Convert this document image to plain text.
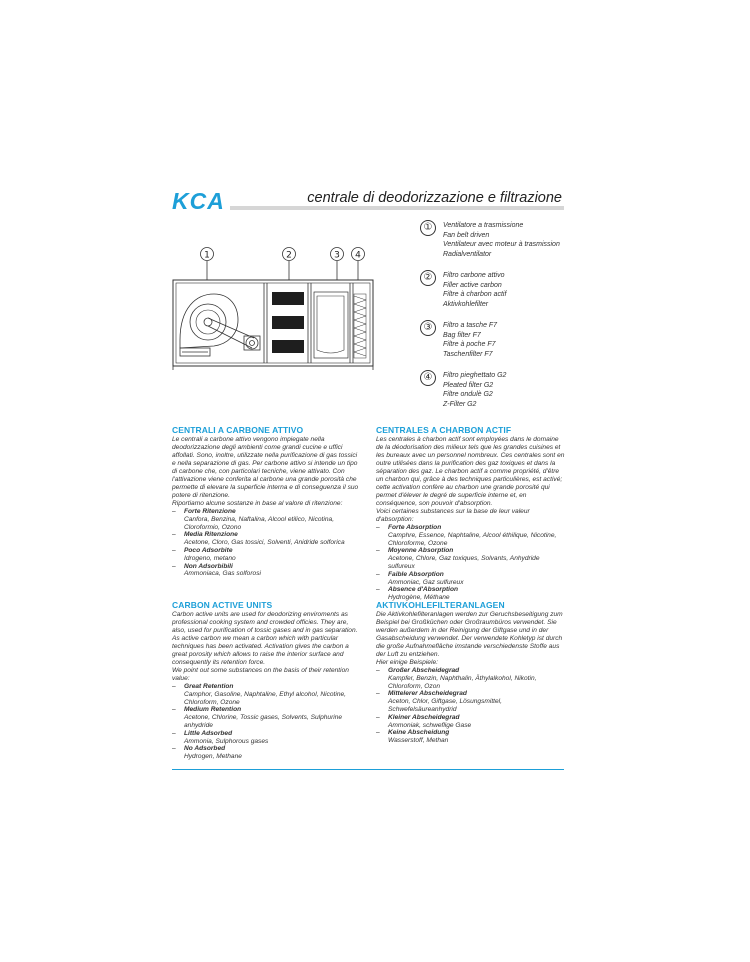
KCA	centrale di deodorizzazione e filtrazione
1	2	3 4
①	Ventilatore a trasmissione
Fan belt driven
Ventilateur avec moteur à trasmission
Radialventilator
②	Filtro carbone attivo
Filler active carbon
Filtre à charbon actif
Aktivkohlefilter
③	Filtro a tasche F7
Bag filter F7
Filtre à poche F7
Taschenfilter F7
④	Filtro pieghettato G2
Pleated filter G2
Filtre ondulè G2
Z-Filter G2
CENTRALI A CARBONE ATTIVO

Le centrali a carbone attivo vengono impiegate nella deodorizzazione degli ambienti come grandi cucine e uffici affollati. Sono, inoltre, utilizzate nella purificazione di gas tossici e nella separazione di gas. Per carbone attivo si intende un tipo di carbone che, con particolari tecniche, viene attivato. Con l'attivazione viene conferita al carbone una grande porosità che permette di elevare la superficie interna e di conseguenza il suo potere di ritenzione.

Riportiamo alcune sostanze in base al valore di ritenzione:

– Forte Ritenzione
Canfora, Benzina, Naftalina, Alcool etilico, Nicotina, Cloroformio, Ozono
– Media Ritenzione
Acetone, Cloro, Gas tossici, Solventi, Anidride solforica
– Poco Adsorbite
Idrogeno, metano
– Non Adsorbibili
Ammoniaca, Gas solforosi
CENTRALES A CHARBON ACTIF

Les centrales à charbon actif sont employées dans le domaine de la déodorisation des milieux tels que les grandes cuisines et les bureaux avec un personnel nombreux. Ces centrales sont en outre utilisées dans la purification des gaz toxiques et dans la séparation des gaz. Le charbon actif a comme propriété, d'être un charbon qui, grâce à des techniques particulières, est activé; cette activation confère au charbon une grande porosité qui permet d'élever le degré de superficie interne et, en conséquence, son pouvoir d'absorption.

Voici certaines substances sur la base de leur valeur d'absorption:

– Forte Absorption
Camphre, Essence, Naphtaline, Alcool éthilique, Nicotine, Chloroforme, Ozone
– Moyenne Absorption
Acetone, Chlore, Gaz toxiques, Solvants, Anhydride sulfureux
– Faible Absorption
Ammoniac, Gaz sulfureux
– Absence d'Absorption
Hydrogène, Méthane
CARBON ACTIVE UNITS

Carbon active units are used for deodorizing enviroments as professional cooking system and crowded officies. They are, also, used for purification of tossic gases and in gas separation. As active carbon we mean a carbon which with particular techniques has been activated. Activation gives the carbon a great porosity which allows to raise the interior surface and consequently its retention force.

We point out some substances on the basis of their retention value:

– Great Retention
Camphor, Gasoline, Naphtaline, Ethyl alcohol, Nicotine, Chloroform, Ozone
– Medium Retention
Acetone, Chlorine, Tossic gases, Solvents, Sulphurine anhydride
– Little Adsorbed
Ammonia, Sulphorous gases
– No Adsorbed
Hydrogen, Methane
AKTIVKOHLEFILTERANLAGEN

Die Aktivkohlefilteranlagen werden zur Geruchsbeseitigung zum Beispiel bei Großküchen oder Großraumbüros verwendet. Sie werden außerdem in der Reinigung der Giftgase und in der Gasabscheidung verwendet. Der verwendete Kohletyp ist durch die große Aufnahmefläche imstande verschiedenste Stoffe aus der Luft zu entziehen.

Hier einige Beispiele:

– Großer Abscheidegrad
Kampfer, Benzin, Naphthalin, Äthylalkohol, Nikotin, Chloroform, Ozon
– Mittelerer Abscheidegrad
Aceton, Chlor, Giftgase, Lösungsmittel, Schwefelsäureanhydrid
– Kleiner Abscheidegrad
Ammoniak, schweflige Gase
– Keine Abscheidung
Wasserstoff, Methan
